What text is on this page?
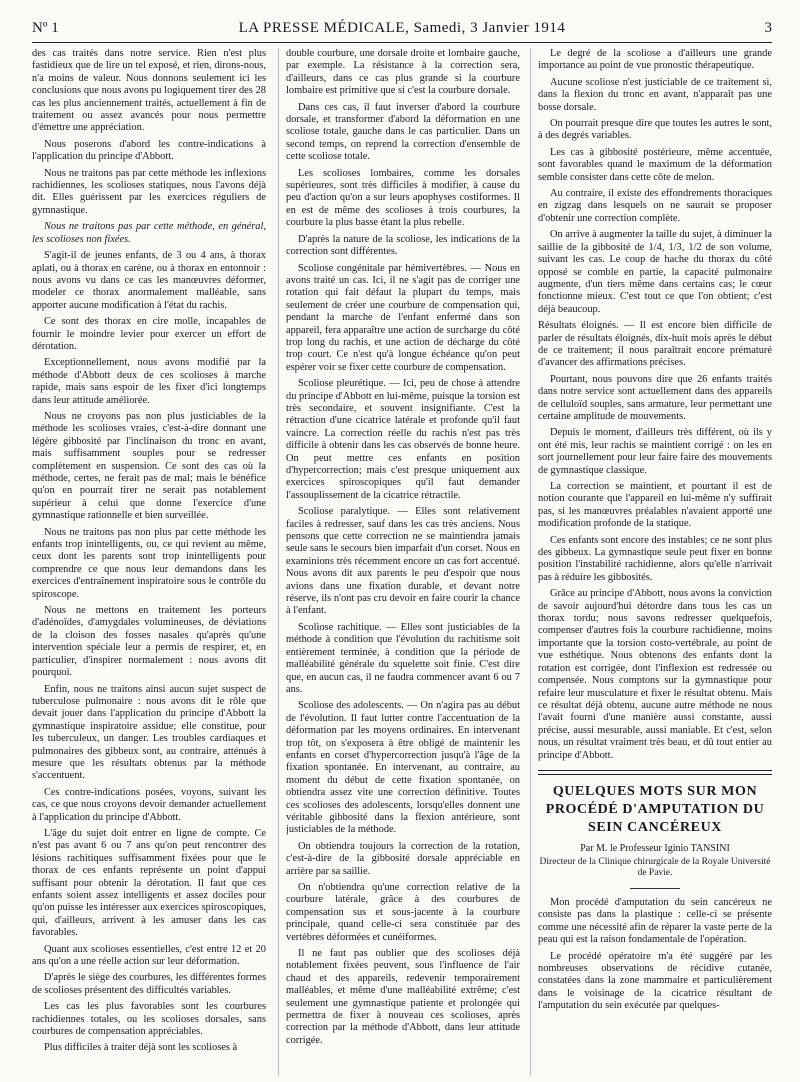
Nº 1	LA PRESSE MÉDICALE, Samedi, 3 Janvier 1914	3

des cas traités dans notre service. Rien n'est plus fastidieux que de lire un tel exposé, et rien, dirons-nous, n'a moins de valeur. Nous donnons seulement ici les conclusions que nous avons pu logiquement tirer des 28 cas les plus anciennement traités, actuellement à fin de traitement ou assez avancés pour nous permettre d'émettre une appréciation.

Nous poserons d'abord les contre-indications à l'application du principe d'Abbott.

Nous ne traitons pas par cette méthode les inflexions rachidiennes, les scolioses statiques, nous l'avons déjà dit. Elles guérissent par les exercices réguliers de gymnastique.

Nous ne traitons pas par cette méthode, en général, les scolioses non fixées.

S'agit-il de jeunes enfants, de 3 ou 4 ans, à thorax aplati, ou à thorax en carène, ou à thorax en entonnoir : nous avons vu dans ce cas les manœuvres déformer, modeler ce thorax anormalement malléable, sans apporter aucune modification à l'état du rachis.

Ce sont des thorax en cire molle, incapables de fournir le moindre levier pour exercer un effort de dérotation.

Exceptionnellement, nous avons modifié par la méthode d'Abbott deux de ces scolioses à marche rapide, mais sans espoir de les fixer d'ici longtemps dans leur attitude améliorée.

Nous ne croyons pas non plus justiciables de la méthode les scolioses vraies, c'est-à-dire donnant une légère gibbosité par l'inclinaison du tronc en avant, mais suffisamment souples pour se redresser complètement en suspension. Ce sont des cas où la méthode, certes, ne ferait pas de mal; mais le bénéfice qu'on en pourrait tirer ne serait pas notablement supérieur à celui que donne l'exercice d'une gymnastique rationnelle et bien surveillée.

Nous ne traitons pas non plus par cette méthode les enfants trop inintelligents, ou, ce qui revient au même, ceux dont les parents sont trop inintelligents pour comprendre ce que nous leur demandons dans les exercices d'entraînement inspiratoire sous le contrôle du spiroscope.

Nous ne mettons en traitement les porteurs d'adénoïdes, d'amygdales volumineuses, de déviations de la cloison des fosses nasales qu'après qu'une intervention spéciale leur a permis de respirer, et, en particulier, d'inspirer normalement : nous avons dit pourquoi.

Enfin, nous ne traitons ainsi aucun sujet suspect de tuberculose pulmonaire : nous avons dit le rôle que devait jouer dans l'application du principe d'Abbott la gymnastique inspiratoire assidue; elle constitue, pour les tuberculeux, un danger. Les troubles cardiaques et pulmonaires des gibbeux sont, au contraire, atténués à mesure que les résultats obtenus par la méthode s'accentuent.

Ces contre-indications posées, voyons, suivant les cas, ce que nous croyons devoir demander actuellement à l'application du principe d'Abbott.

L'âge du sujet doit entrer en ligne de compte. Ce n'est pas avant 6 ou 7 ans qu'on peut rencontrer des lésions rachitiques suffisamment fixées pour que le thorax de ces enfants représente un point d'appui suffisant pour obtenir la dérotation. Il faut que ces enfants soient assez intelligents et assez dociles pour qu'on puisse les intéresser aux exercices spiroscopiques, qui, d'ailleurs, arrivent à les amuser dans les cas favorables.

Quant aux scolioses essentielles, c'est entre 12 et 20 ans qu'on a une réelle action sur leur déformation.

D'après le siège des courbures, les différentes formes de scolioses présentent des difficultés variables.

Les cas les plus favorables sont les courbures rachidiennes totales, ou les scolioses dorsales, sans courbures de compensation appréciables.

Plus difficiles à traiter déjà sont les scolioses à

double courbure, une dorsale droite et lombaire gauche, par exemple. La résistance à la correction sera, d'ailleurs, dans ce cas plus grande si la courbure lombaire est primitive que si c'est la courbure dorsale.

Dans ces cas, il faut inverser d'abord la courbure dorsale, et transformer d'abord la déformation en une scoliose totale, gauche dans le cas particulier. Dans un second temps, on reprend la correction d'ensemble de cette scoliose totale.

Les scolioses lombaires, comme les dorsales supérieures, sont très difficiles à modifier, à cause du peu d'action qu'on a sur leurs apophyses costiformes. Il en est de même des scolioses à trois courbures, la courbure la plus basse étant la plus rebelle.

D'après la nature de la scoliose, les indications de la correction sont différentes.

Scoliose congénitale par hémivertèbres. — Nous en avons traité un cas. Ici, il ne s'agit pas de corriger une rotation qui fait défaut la plupart du temps, mais seulement de créer une courbure de compensation qui, pendant la marche de l'enfant enfermé dans son appareil, fera apparaître une action de surcharge du côté trop long du rachis, et une action de décharge du côté trop court. Ce n'est qu'à longue échéance qu'on peut espérer voir se fixer cette courbure de compensation.

Scoliose pleurétique. — Ici, peu de chose à attendre du principe d'Abbott en lui-même, puisque la torsion est très secondaire, et souvent insignifiante. C'est la rétraction d'une cicatrice latérale et profonde qu'il faut vaincre. La correction réelle du rachis n'est pas très difficile à obtenir dans les cas observés de bonne heure. On peut mettre ces enfants en position d'hypercorrection; mais c'est presque uniquement aux exercices spiroscopiques qu'il faut demander l'assouplissement de la cicatrice rétractile.

Scoliose paralytique. — Elles sont relativement faciles à redresser, sauf dans les cas très anciens. Nous pensons que cette correction ne se maintiendra jamais seule sans le secours bien imparfait d'un corset. Nous en examinions très récemment encore un cas fort accentué. Nous avons dit aux parents le peu d'espoir que nous avions dans une fixation durable, et devant notre réserve, ils n'ont pas cru devoir en faire courir la chance à l'enfant.

Scoliose rachitique. — Elles sont justiciables de la méthode à condition que l'évolution du rachitisme soit entièrement terminée, à condition que la période de malléabilité générale du squelette soit finie. C'est dire que, en aucun cas, il ne faudra commencer avant 6 ou 7 ans.

Scoliose des adolescents. — On n'agira pas au début de l'évolution. Il faut lutter contre l'accentuation de la déformation par les moyens ordinaires. En intervenant trop tôt, on s'exposera à être obligé de maintenir les enfants en corset d'hypercorrection jusqu'à l'âge de la fixation spontanée. En intervenant, au contraire, au moment du début de cette fixation spontanée, on obtiendra assez vite une correction définitive. Toutes ces scolioses des adolescents, lorsqu'elles donnent une véritable gibbosité dans la flexion antérieure, sont justiciables de la méthode.

On obtiendra toujours la correction de la rotation, c'est-à-dire de la gibbosité dorsale appréciable en arrière par sa saillie.

On n'obtiendra qu'une correction relative de la courbure latérale, grâce à des courbures de compensation sus et sous-jacente à la courbure principale, quand celle-ci sera constituée par des vertèbres déformées et cunéiformes.

Il ne faut pas oublier que des scolioses déjà notablement fixées peuvent, sous l'influence de l'air chaud et des appareils, redevenir temporairement malléables, et même d'une malléabilité extrême; c'est seulement une gymnastique patiente et prolongée qui permettra de fixer à nouveau ces scolioses, après correction par la méthode d'Abbott, dans leur attitude corrigée.

Le degré de la scoliose a d'ailleurs une grande importance au point de vue pronostic thérapeutique.

Aucune scoliose n'est justiciable de ce traitement si, dans la flexion du tronc en avant, n'apparaît pas une bosse dorsale.

On pourrait presque dire que toutes les autres le sont, à des degrés variables.

Les cas à gibbosité postérieure, même accentuée, sont favorables quand le maximum de la déformation semble consister dans cette côte de melon.

Au contraire, il existe des effondrements thoraciques en zigzag dans lesquels on ne saurait se proposer d'obtenir une correction complète.

On arrive à augmenter la taille du sujet, à diminuer la saillie de la gibbosité de 1/4, 1/3, 1/2 de son volume, suivant les cas. Le coup de hache du thorax du côté opposé se comble en partie, la capacité pulmonaire augmente, d'un tiers même dans certains cas; le cœur fonctionne mieux. C'est tout ce que l'on obtient; c'est déjà beaucoup.

Résultats éloignés. — Il est encore bien difficile de parler de résultats éloignés, dix-huit mois après le début de ce traitement; il nous paraîtrait encore prématuré d'avancer des affirmations précises.

Pourtant, nous pouvons dire que 26 enfants traités dans notre service sont actuellement dans des appareils de celluloïd souples, sans armature, leur permettant une certaine amplitude de mouvements.

Depuis le moment, d'ailleurs très différent, où ils y ont été mis, leur rachis se maintient corrigé : on les en sort journellement pour leur faire faire des mouvements de gymnastique classique.

La correction se maintient, et pourtant il est de notion courante que l'appareil en lui-même n'y suffirait pas, si les manœuvres préalables n'avaient apporté une modification profonde de la statique.

Ces enfants sont encore des instables; ce ne sont plus des gibbeux. La gymnastique seule peut fixer en bonne position l'instabilité rachidienne, alors qu'elle n'arrivait pas à réduire les gibbosités.

Grâce au principe d'Abbott, nous avons la conviction de savoir aujourd'hui détordre dans tous les cas un thorax tordu; nous savons redresser quelquefois, compenser d'autres fois la courbure rachidienne, moins importante que la torsion costo-vertébrale, au point de vue esthétique. Nous obtenons des enfants dont la rotation est corrigée, dont l'inflexion est redressée ou compensée. Nous comptons sur la gymnastique pour refaire leur musculature et fixer le résultat obtenu. Mais ce résultat déjà obtenu, aucune autre méthode ne nous l'avait fourni d'une manière aussi constante, aussi précise, aussi mesurable, aussi maniable. Et c'est, selon nous, un résultat vraiment très beau, et dû tout entier au principe d'Abbott.

QUELQUES MOTS SUR MON PROCÉDÉ D'AMPUTATION DU SEIN CANCÉREUX
Par M. le Professeur Iginio TANSINI
Directeur de la Clinique chirurgicale de la Royale Université de Pavie.

Mon procédé d'amputation du sein cancéreux ne consiste pas dans la plastique : celle-ci se présente comme une nécessité afin de réparer la vaste perte de la peau qui est la raison fondamentale de l'opération.

Le procédé opératoire m'a été suggéré par les nombreuses observations de récidive cutanée, constatées dans la zone mammaire et particulièrement dans le voisinage de la cicatrice résultant de l'amputation du sein exécutée par quelques-
